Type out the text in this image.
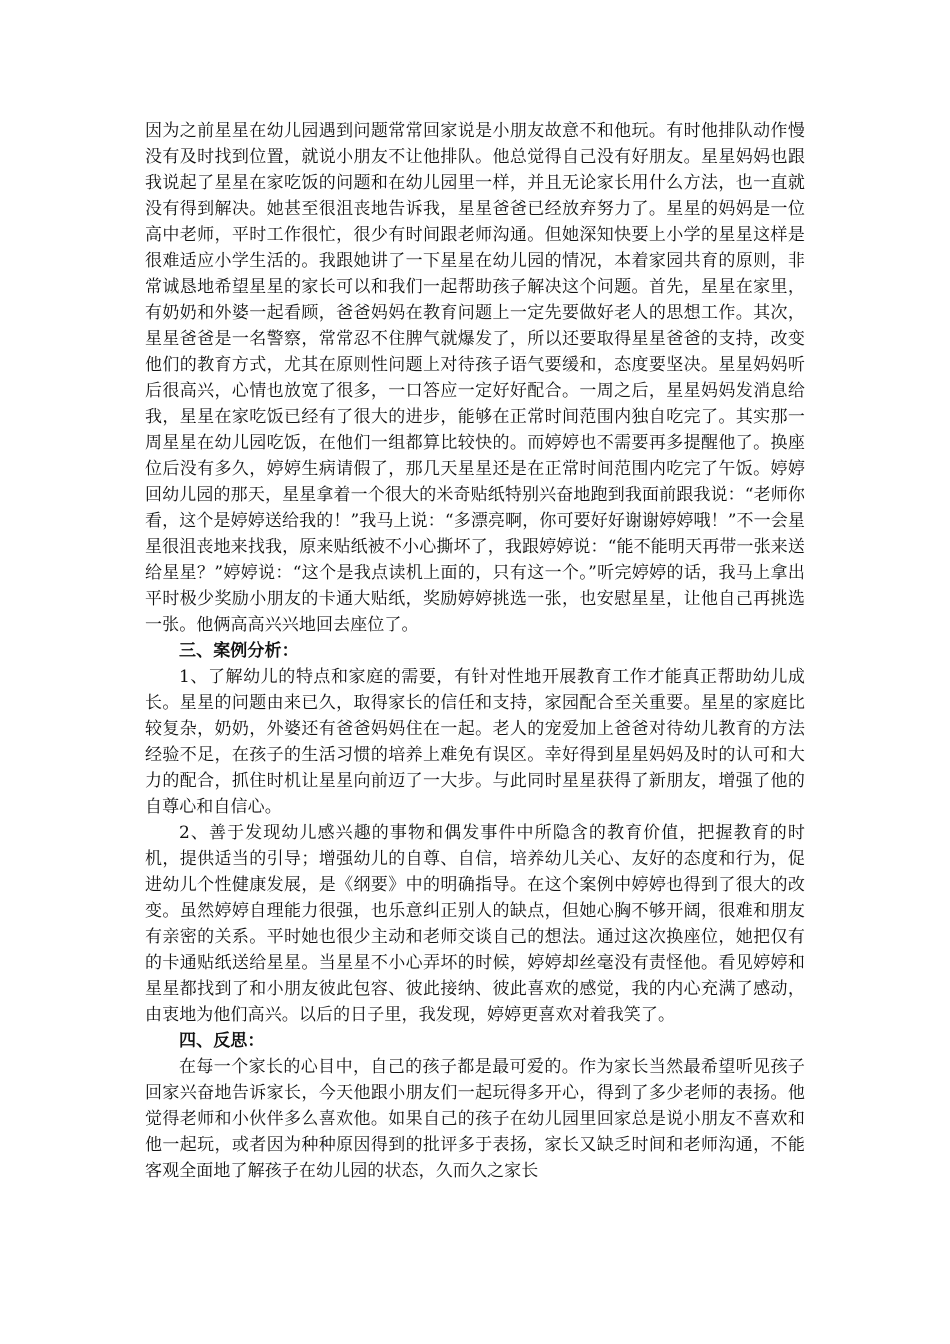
因为之前星星在幼儿园遇到问题常常回家说是小朋友故意不和他玩。有时他排队动作慢没有及时找到位置，就说小朋友不让他排队。他总觉得自己没有好朋友。星星妈妈也跟我说起了星星在家吃饭的问题和在幼儿园里一样，并且无论家长用什么方法，也一直就没有得到解决。她甚至很沮丧地告诉我，星星爸爸已经放弃努力了。星星的妈妈是一位高中老师，平时工作很忙，很少有时间跟老师沟通。但她深知快要上小学的星星这样是很难适应小学生活的。我跟她讲了一下星星在幼儿园的情况，本着家园共育的原则，非常诚恳地希望星星的家长可以和我们一起帮助孩子解决这个问题。首先，星星在家里，有奶奶和外婆一起看顾，爸爸妈妈在教育问题上一定先要做好老人的思想工作。其次，星星爸爸是一名警察，常常忍不住脾气就爆发了，所以还要取得星星爸爸的支持，改变他们的教育方式，尤其在原则性问题上对待孩子语气要缓和，态度要坚决。星星妈妈听后很高兴，心情也放宽了很多，一口答应一定好好配合。一周之后，星星妈妈发消息给我，星星在家吃饭已经有了很大的进步，能够在正常时间范围内独自吃完了。其实那一周星星在幼儿园吃饭，在他们一组都算比较快的。而婷婷也不需要再多提醒他了。换座位后没有多久，婷婷生病请假了，那几天星星还是在正常时间范围内吃完了午饭。婷婷回幼儿园的那天，星星拿着一个很大的米奇贴纸特别兴奋地跑到我面前跟我说：“老师你看，这个是婷婷送给我的！”我马上说：“多漂亮啊，你可要好好谢谢婷婷哦！”不一会星星很沮丧地来找我，原来贴纸被不小心撕坏了，我跟婷婷说：“能不能明天再带一张来送给星星？”婷婷说：“这个是我点读机上面的，只有这一个。”听完婷婷的话，我马上拿出平时极少奖励小朋友的卡通大贴纸，奖励婷婷挑选一张，也安慰星星，让他自己再挑选一张。他俩高高兴兴地回去座位了。

三、案例分析：

1、了解幼儿的特点和家庭的需要，有针对性地开展教育工作才能真正帮助幼儿成长。星星的问题由来已久，取得家长的信任和支持，家园配合至关重要。星星的家庭比较复杂，奶奶，外婆还有爸爸妈妈住在一起。老人的宠爱加上爸爸对待幼儿教育的方法经验不足，在孩子的生活习惯的培养上难免有误区。幸好得到星星妈妈及时的认可和大力的配合，抓住时机让星星向前迈了一大步。与此同时星星获得了新朋友，增强了他的自尊心和自信心。

2、善于发现幼儿感兴趣的事物和偶发事件中所隐含的教育价值，把握教育的时机，提供适当的引导；增强幼儿的自尊、自信，培养幼儿关心、友好的态度和行为，促进幼儿个性健康发展，是《纲要》中的明确指导。在这个案例中婷婷也得到了很大的改变。虽然婷婷自理能力很强，也乐意纠正别人的缺点，但她心胸不够开阔，很难和朋友有亲密的关系。平时她也很少主动和老师交谈自己的想法。通过这次换座位，她把仅有的卡通贴纸送给星星。当星星不小心弄坏的时候，婷婷却丝毫没有责怪他。看见婷婷和星星都找到了和小朋友彼此包容、彼此接纳、彼此喜欢的感觉，我的内心充满了感动，由衷地为他们高兴。以后的日子里，我发现，婷婷更喜欢对着我笑了。

四、反思：

在每一个家长的心目中，自己的孩子都是最可爱的。作为家长当然最希望听见孩子回家兴奋地告诉家长，今天他跟小朋友们一起玩得多开心，得到了多少老师的表扬。他觉得老师和小伙伴多么喜欢他。如果自己的孩子在幼儿园里回家总是说小朋友不喜欢和他一起玩，或者因为种种原因得到的批评多于表扬，家长又缺乏时间和老师沟通，不能客观全面地了解孩子在幼儿园的状态，久而久之家长
